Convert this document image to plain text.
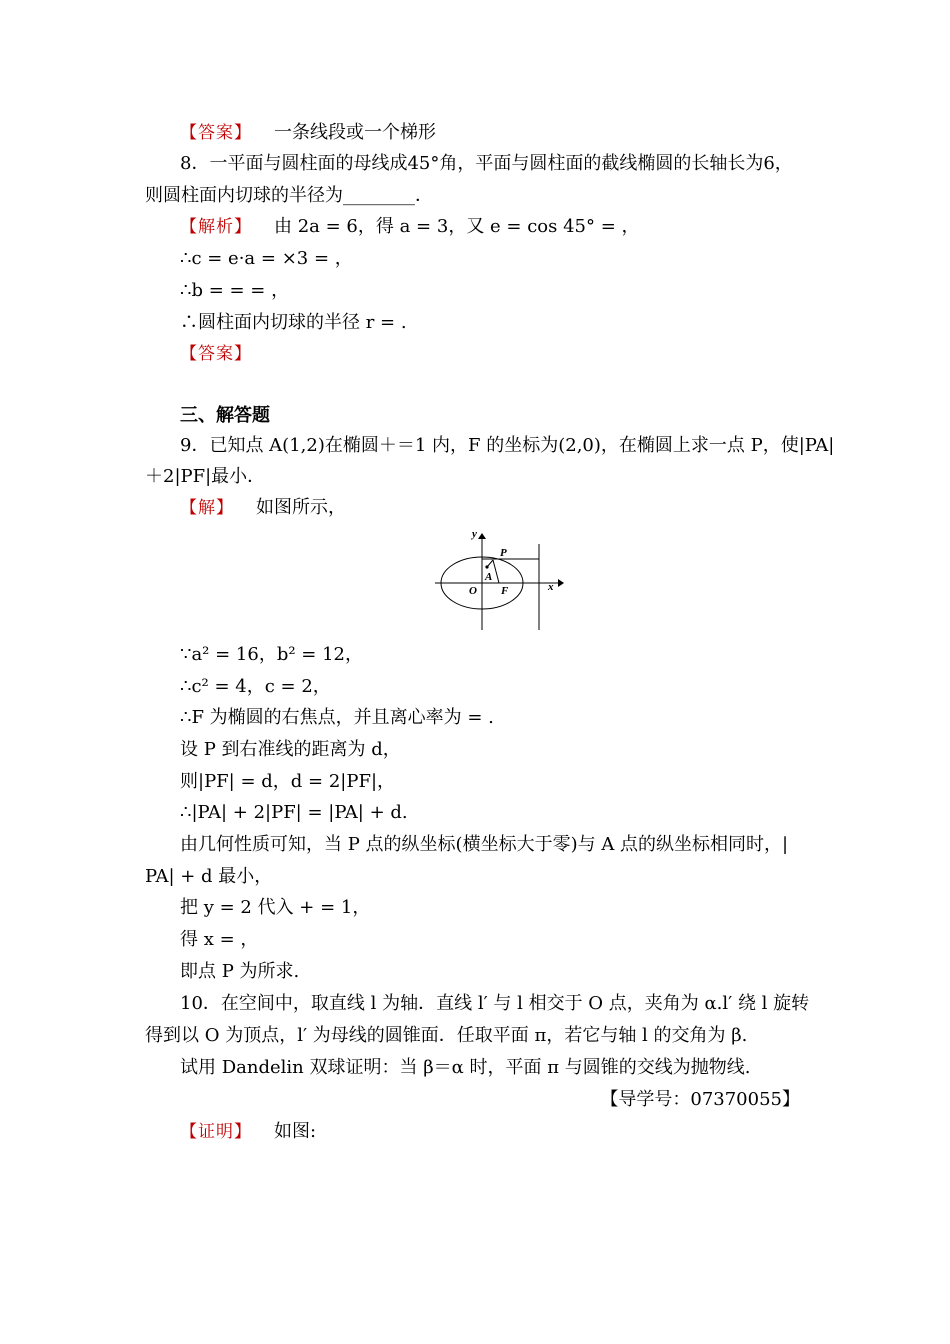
【答案】 一条线段或一个梯形
8．一平面与圆柱面的母线成45°角，平面与圆柱面的截线椭圆的长轴长为6，
则圆柱面内切球的半径为________．
【解析】 由 2a = 6，得 a = 3，又 e = cos 45° = ，
∴c = e·a = ×3 = ，
∴b = = = ，
∴圆柱面内切球的半径 r = .
【答案】
三、解答题
9．已知点 A(1,2)在椭圆＋＝1 内，F 的坐标为(2,0)，在椭圆上求一点 P，使|PA|
＋2|PF|最小．
【解】 如图所示，
y
x
P
A
O F
∵a² = 16，b² = 12，
∴c² = 4，c = 2，
∴F 为椭圆的右焦点，并且离心率为 = .
设 P 到右准线的距离为 d，
则|PF| = d，d = 2|PF|，
∴|PA| + 2|PF| = |PA| + d.
由几何性质可知，当 P 点的纵坐标(横坐标大于零)与 A 点的纵坐标相同时，|
PA| + d 最小，
把 y = 2 代入 + = 1，
得 x = ，
即点 P 为所求.
10．在空间中，取直线 l 为轴．直线 l′ 与 l 相交于 O 点，夹角为 α.l′ 绕 l 旋转
得到以 O 为顶点，l′ 为母线的圆锥面．任取平面 π，若它与轴 l 的交角为 β.
试用 Dandelin 双球证明：当 β＝α 时，平面 π 与圆锥的交线为抛物线.
【导学号：07370055】
【证明】 如图:
